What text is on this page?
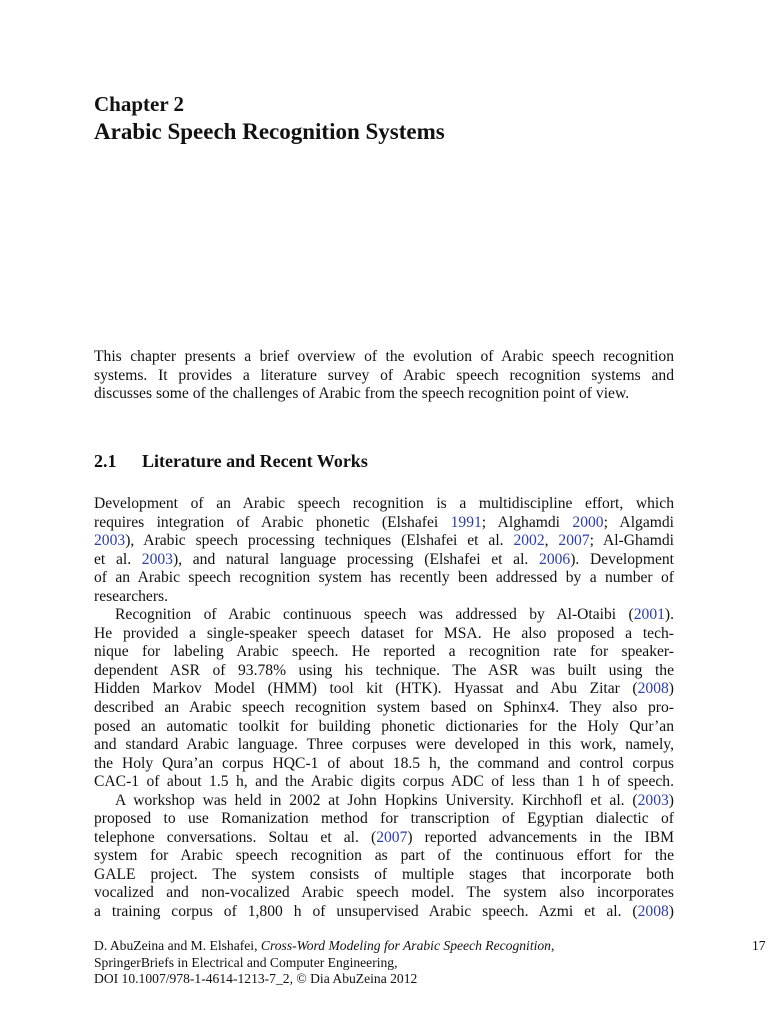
Chapter 2
Arabic Speech Recognition Systems
This chapter presents a brief overview of the evolution of Arabic speech recognition
systems. It provides a literature survey of Arabic speech recognition systems and
discusses some of the challenges of Arabic from the speech recognition point of view.
2.1 Literature and Recent Works
Development of an Arabic speech recognition is a multidiscipline effort, which
requires integration of Arabic phonetic (Elshafei 1991; Alghamdi 2000; Algamdi
2003), Arabic speech processing techniques (Elshafei et al. 2002, 2007; Al-Ghamdi
et al. 2003), and natural language processing (Elshafei et al. 2006). Development
of an Arabic speech recognition system has recently been addressed by a number of
researchers.
Recognition of Arabic continuous speech was addressed by Al-Otaibi (2001).
He provided a single-speaker speech dataset for MSA. He also proposed a tech-
nique for labeling Arabic speech. He reported a recognition rate for speaker-
dependent ASR of 93.78% using his technique. The ASR was built using the
Hidden Markov Model (HMM) tool kit (HTK). Hyassat and Abu Zitar (2008)
described an Arabic speech recognition system based on Sphinx4. They also pro-
posed an automatic toolkit for building phonetic dictionaries for the Holy Qur’an
and standard Arabic language. Three corpuses were developed in this work, namely,
the Holy Qura’an corpus HQC-1 of about 18.5 h, the command and control corpus
CAC-1 of about 1.5 h, and the Arabic digits corpus ADC of less than 1 h of speech.
A workshop was held in 2002 at John Hopkins University. Kirchhofl et al. (2003)
proposed to use Romanization method for transcription of Egyptian dialectic of
telephone conversations. Soltau et al. (2007) reported advancements in the IBM
system for Arabic speech recognition as part of the continuous effort for the
GALE project. The system consists of multiple stages that incorporate both
vocalized and non-vocalized Arabic speech model. The system also incorporates
a training corpus of 1,800 h of unsupervised Arabic speech. Azmi et al. (2008)
D. AbuZeina and M. Elshafei, Cross-Word Modeling for Arabic Speech Recognition,
SpringerBriefs in Electrical and Computer Engineering,
DOI 10.1007/978-1-4614-1213-7_2, © Dia AbuZeina 2012
17
